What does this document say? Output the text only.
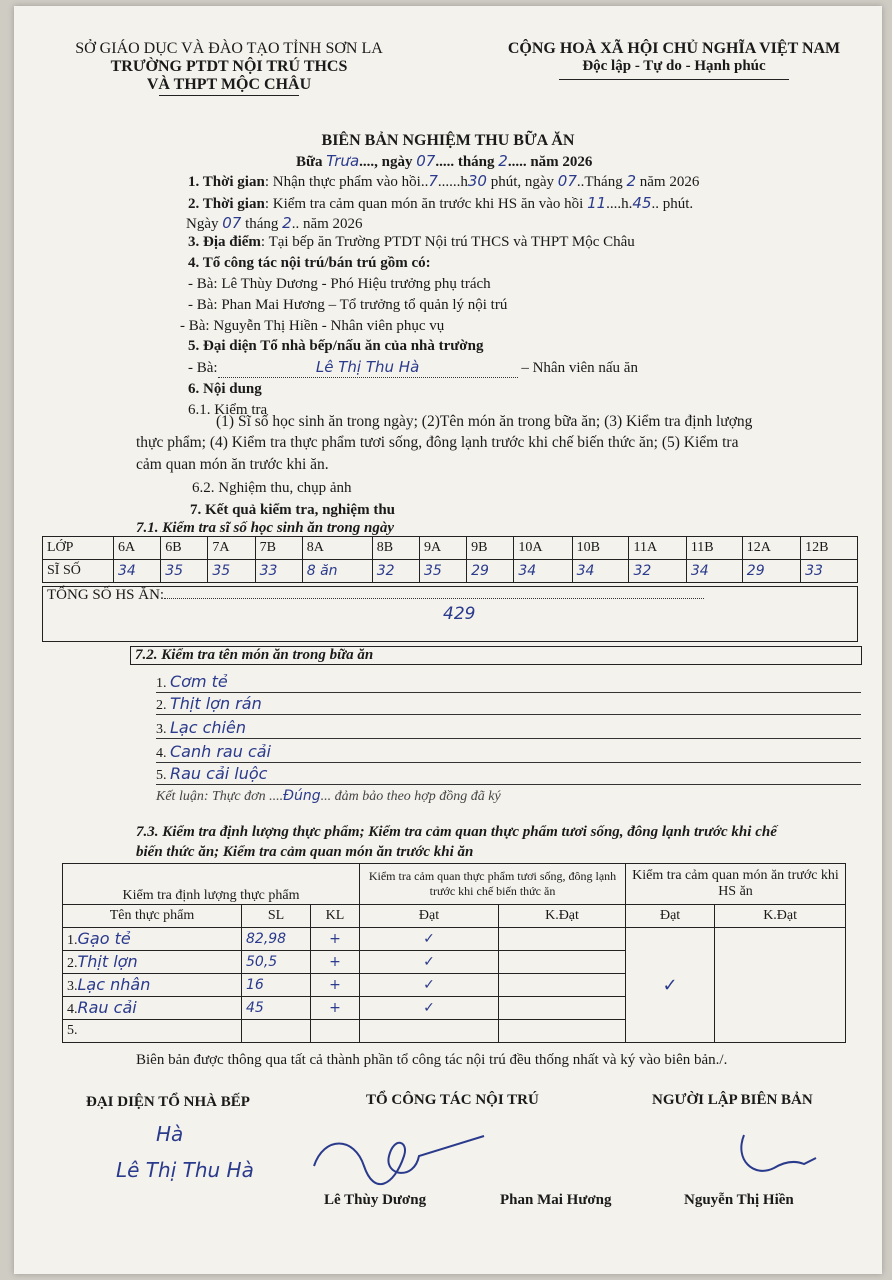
SỞ GIÁO DỤC VÀ ĐÀO TẠO TỈNH SƠN LA
TRƯỜNG PTDT NỘI TRÚ THCS
VÀ THPT MỘC CHÂU
CỘNG HOÀ XÃ HỘI CHỦ NGHĨA VIỆT NAM
Độc lập - Tự do - Hạnh phúc
BIÊN BẢN NGHIỆM THU BỮA ĂN
Bữa Trưa...., ngày 07..... tháng 2..... năm 2026
1. Thời gian: Nhận thực phẩm vào hồi..7......h30 phút, ngày 07..Tháng 2 năm 2026
2. Thời gian: Kiểm tra cảm quan món ăn trước khi HS ăn vào hồi 11....h.45.. phút.
Ngày 07 tháng 2.. năm 2026
3. Địa điểm: Tại bếp ăn Trường PTDT Nội trú THCS và THPT Mộc Châu
4. Tổ công tác nội trú/bán trú gồm có:
- Bà: Lê Thùy Dương - Phó Hiệu trưởng phụ trách
- Bà: Phan Mai Hương – Tổ trưởng tổ quản lý nội trú
- Bà: Nguyễn Thị Hiền - Nhân viên phục vụ
5. Đại diện Tổ nhà bếp/nấu ăn của nhà trường
- Bà:	Lê Thị Thu Hà	– Nhân viên nấu ăn
6. Nội dung
6.1. Kiểm tra
(1) Sĩ số học sinh ăn trong ngày; (2)Tên món ăn trong bữa ăn; (3) Kiểm tra định lượng
thực phẩm; (4) Kiểm tra thực phẩm tươi sống, đông lạnh trước khi chế biến thức ăn; (5) Kiểm tra
cảm quan món ăn trước khi ăn.
6.2. Nghiệm thu, chụp ảnh
7. Kết quả kiểm tra, nghiệm thu
7.1. Kiểm tra sĩ số học sinh ăn trong ngày
LỚP	6A	6B	7A	7B	8A	8B	9A	9B	10A	10B	11A	11B	12A	12B
SĨ SỐ	34	35	35	33	8 ăn	32	35	29	34	34	32	34	29	33
TỔNG SỐ HS ĂN:
429
7.2. Kiểm tra tên món ăn trong bữa ăn
1. Cơm tẻ
2. Thịt lợn rán
3. Lạc chiên
4. Canh rau cải
5. Rau cải luộc
Kết luận: Thực đơn ....Đúng... đảm bảo theo hợp đồng đã ký
7.3. Kiểm tra định lượng thực phẩm; Kiểm tra cảm quan thực phẩm tươi sống, đông lạnh trước khi chế
biến thức ăn; Kiểm tra cảm quan món ăn trước khi ăn
Kiểm tra định lượng thực phẩm			Kiểm tra cảm quan thực phẩm tươi sống, đông lạnh trước khi chế biến thức ăn		Kiểm tra cảm quan món ăn trước khi HS ăn	
Tên thực phẩm	SL	KL	Đạt	K.Đạt	Đạt	K.Đạt
1.Gạo tẻ	82,98	+	✓		✓	
2.Thịt lợn	50,5	+	✓			
3.Lạc nhân	16	+	✓			
4.Rau cải	45	+	✓			
5.						
Biên bản được thông qua tất cả thành phần tổ công tác nội trú đều thống nhất và ký vào biên bản./.
ĐẠI DIỆN TỔ NHÀ BẾP	TỔ CÔNG TÁC NỘI TRÚ	NGƯỜI LẬP BIÊN BẢN
Hà
Lê Thị Thu Hà
Lê Thùy Dương	Phan Mai Hương	Nguyễn Thị Hiền
